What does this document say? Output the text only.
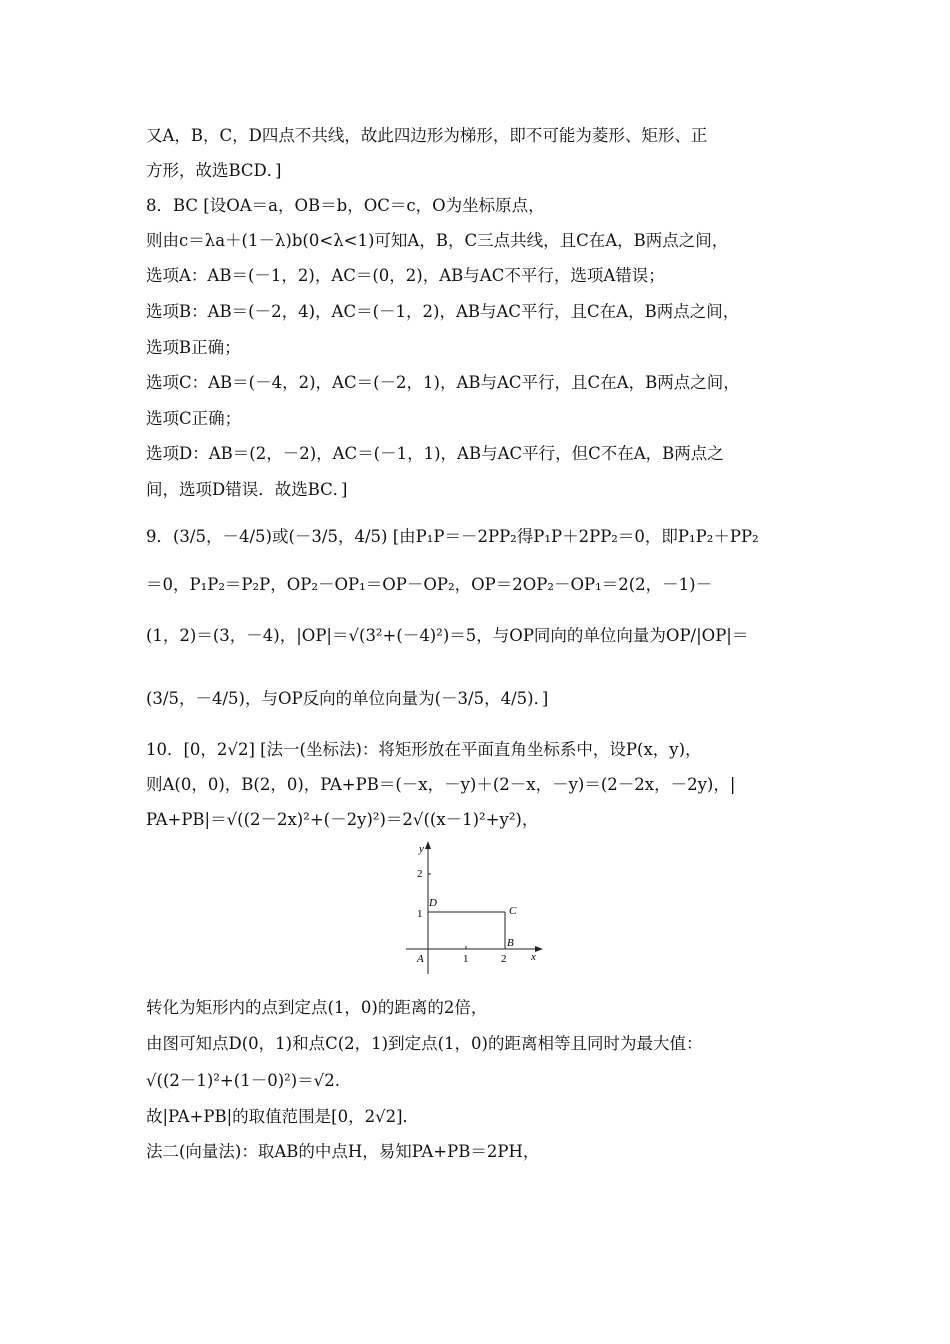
又A，B，C，D四点不共线，故此四边形为梯形，即不可能为菱形、矩形、正
方形，故选BCD．]
8．BC [设OA＝a，OB＝b，OC＝c，O为坐标原点，
则由c＝λa＋(1－λ)b(0<λ<1)可知A，B，C三点共线，且C在A，B两点之间，
选项A：AB＝(－1，2)，AC＝(0，2)，AB与AC不平行，选项A错误；
选项B：AB＝(－2，4)，AC＝(－1，2)，AB与AC平行，且C在A，B两点之间，
选项B正确；
选项C：AB＝(－4，2)，AC＝(－2，1)，AB与AC平行，且C在A，B两点之间，
选项C正确；
选项D：AB＝(2，－2)，AC＝(－1，1)，AB与AC平行，但C不在A，B两点之
间，选项D错误．故选BC．]
9．(3/5，－4/5)或(－3/5，4/5) [由P₁P＝－2PP₂得P₁P＋2PP₂＝0，即P₁P₂＋PP₂
＝0，P₁P₂＝P₂P，OP₂－OP₁＝OP－OP₂，OP＝2OP₂－OP₁＝2(2，－1)－
(1，2)＝(3，－4)，|OP|＝√(3²+(－4)²)＝5，与OP同向的单位向量为OP/|OP|＝
(3/5，－4/5)，与OP反向的单位向量为(－3/5，4/5)．]
10．[0，2√2] [法一(坐标法)：将矩形放在平面直角坐标系中，设P(x，y)，
则A(0，0)，B(2，0)，PA+PB＝(－x，－y)＋(2－x，－y)＝(2－2x，－2y)，|
PA+PB|＝√((2－2x)²+(－2y)²)＝2√((x－1)²+y²)，
y
x
2
1
1	2
D
C
B
A
转化为矩形内的点到定点(1，0)的距离的2倍，
由图可知点D(0，1)和点C(2，1)到定点(1，0)的距离相等且同时为最大值：
√((2－1)²+(1－0)²)＝√2.
故|PA+PB|的取值范围是[0，2√2]．
法二(向量法)：取AB的中点H，易知PA+PB＝2PH，
